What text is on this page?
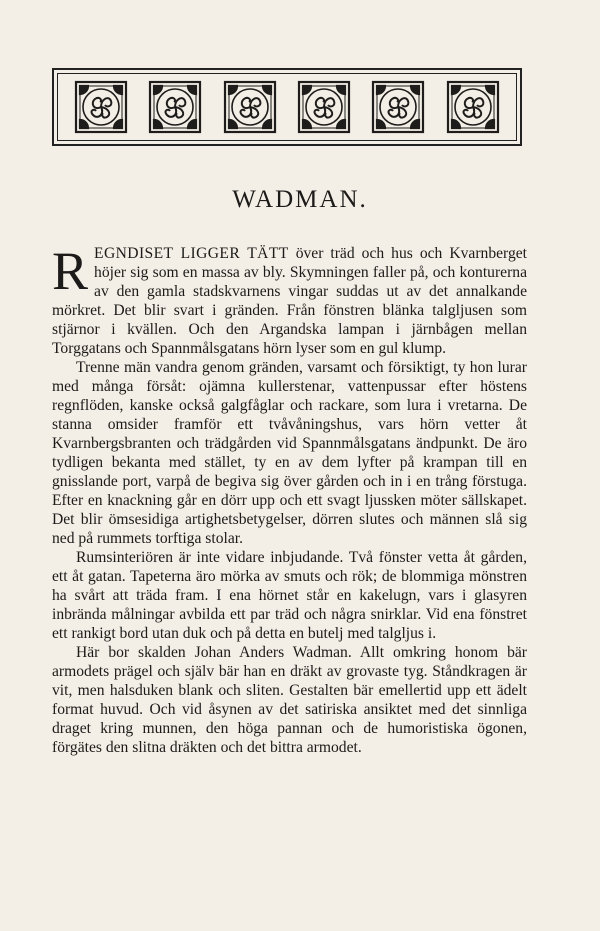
WADMAN.

REGNDISET LIGGER TÄTT över träd och hus och Kvarnberget höjer sig som en massa av bly. Skymningen faller på, och konturerna av den gamla stadskvarnens vingar suddas ut av det annalkande mörkret. Det blir svart i gränden. Från fönstren blänka talgljusen som stjärnor i kvällen. Och den Argandska lampan i järnbågen mellan Torggatans och Spannmålsgatans hörn lyser som en gul klump.

Trenne män vandra genom gränden, varsamt och försiktigt, ty hon lurar med många försåt: ojämna kullerstenar, vattenpussar efter höstens regnflöden, kanske också galgfåglar och rackare, som lura i vretarna. De stanna omsider framför ett tvåvåningshus, vars hörn vetter åt Kvarnbergsbranten och trädgården vid Spannmålsgatans ändpunkt. De äro tydligen bekanta med stället, ty en av dem lyfter på krampan till en gnisslande port, varpå de begiva sig över gården och in i en trång förstuga. Efter en knackning går en dörr upp och ett svagt ljussken möter sällskapet. Det blir ömsesidiga artighetsbetygelser, dörren slutes och männen slå sig ned på rummets torftiga stolar.

Rumsinteriören är inte vidare inbjudande. Två fönster vetta åt gården, ett åt gatan. Tapeterna äro mörka av smuts och rök; de blommiga mönstren ha svårt att träda fram. I ena hörnet står en kakelugn, vars i glasyren inbrända målningar avbilda ett par träd och några snirklar. Vid ena fönstret ett rankigt bord utan duk och på detta en butelj med talgljus i.

Här bor skalden Johan Anders Wadman. Allt omkring honom bär armodets prägel och själv bär han en dräkt av grovaste tyg. Ståndkragen är vit, men halsduken blank och sliten. Gestalten bär emellertid upp ett ädelt format huvud. Och vid åsynen av det satiriska ansiktet med det sinnliga draget kring munnen, den höga pannan och de humoristiska ögonen, förgätes den slitna dräkten och det bittra armodet.
